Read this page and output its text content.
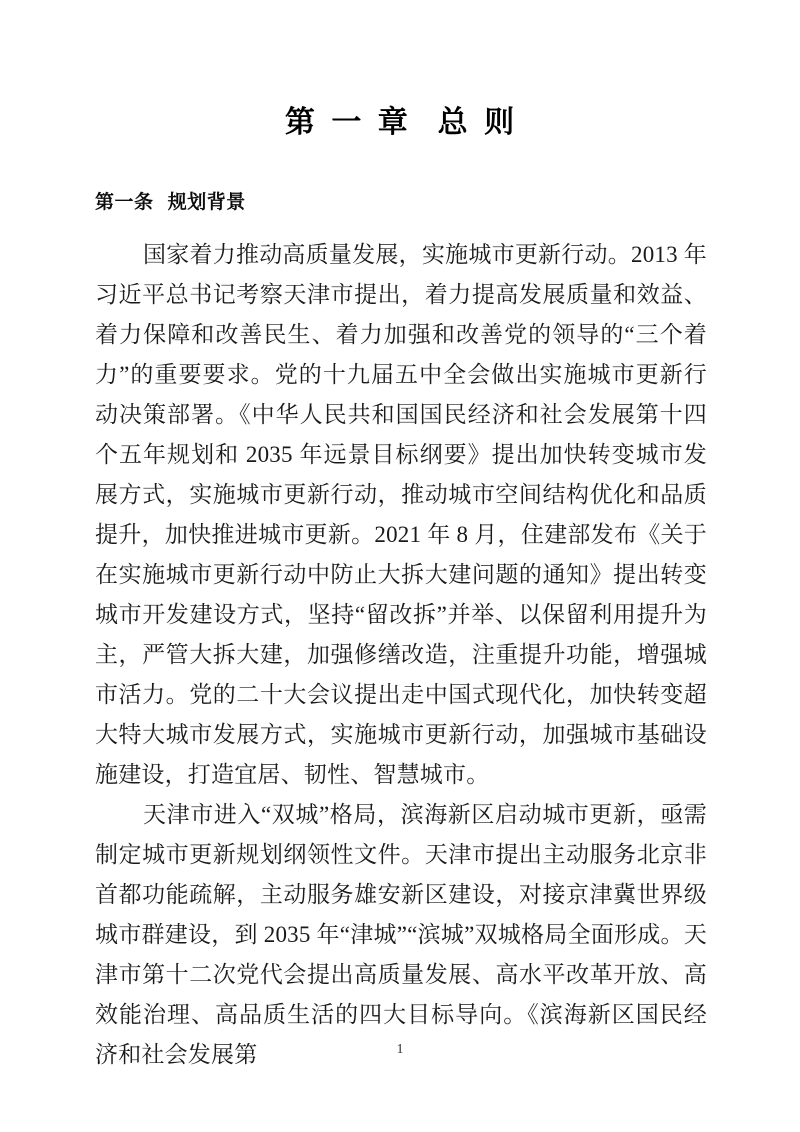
第 一 章  总 则
第一条  规划背景

国家着力推动高质量发展，实施城市更新行动。2013 年习近平总书记考察天津市提出，着力提高发展质量和效益、着力保障和改善民生、着力加强和改善党的领导的“三个着力”的重要要求。党的十九届五中全会做出实施城市更新行动决策部署。《中华人民共和国国民经济和社会发展第十四个五年规划和 2035 年远景目标纲要》提出加快转变城市发展方式，实施城市更新行动，推动城市空间结构优化和品质提升，加快推进城市更新。2021 年 8 月，住建部发布《关于在实施城市更新行动中防止大拆大建问题的通知》提出转变城市开发建设方式，坚持“留改拆”并举、以保留利用提升为主，严管大拆大建，加强修缮改造，注重提升功能，增强城市活力。党的二十大会议提出走中国式现代化，加快转变超大特大城市发展方式，实施城市更新行动，加强城市基础设施建设，打造宜居、韧性、智慧城市。

天津市进入“双城”格局，滨海新区启动城市更新，亟需制定城市更新规划纲领性文件。天津市提出主动服务北京非首都功能疏解，主动服务雄安新区建设，对接京津冀世界级城市群建设，到 2035 年“津城”“滨城”双城格局全面形成。天津市第十二次党代会提出高质量发展、高水平改革开放、高效能治理、高品质生活的四大目标导向。《滨海新区国民经济和社会发展第	1
